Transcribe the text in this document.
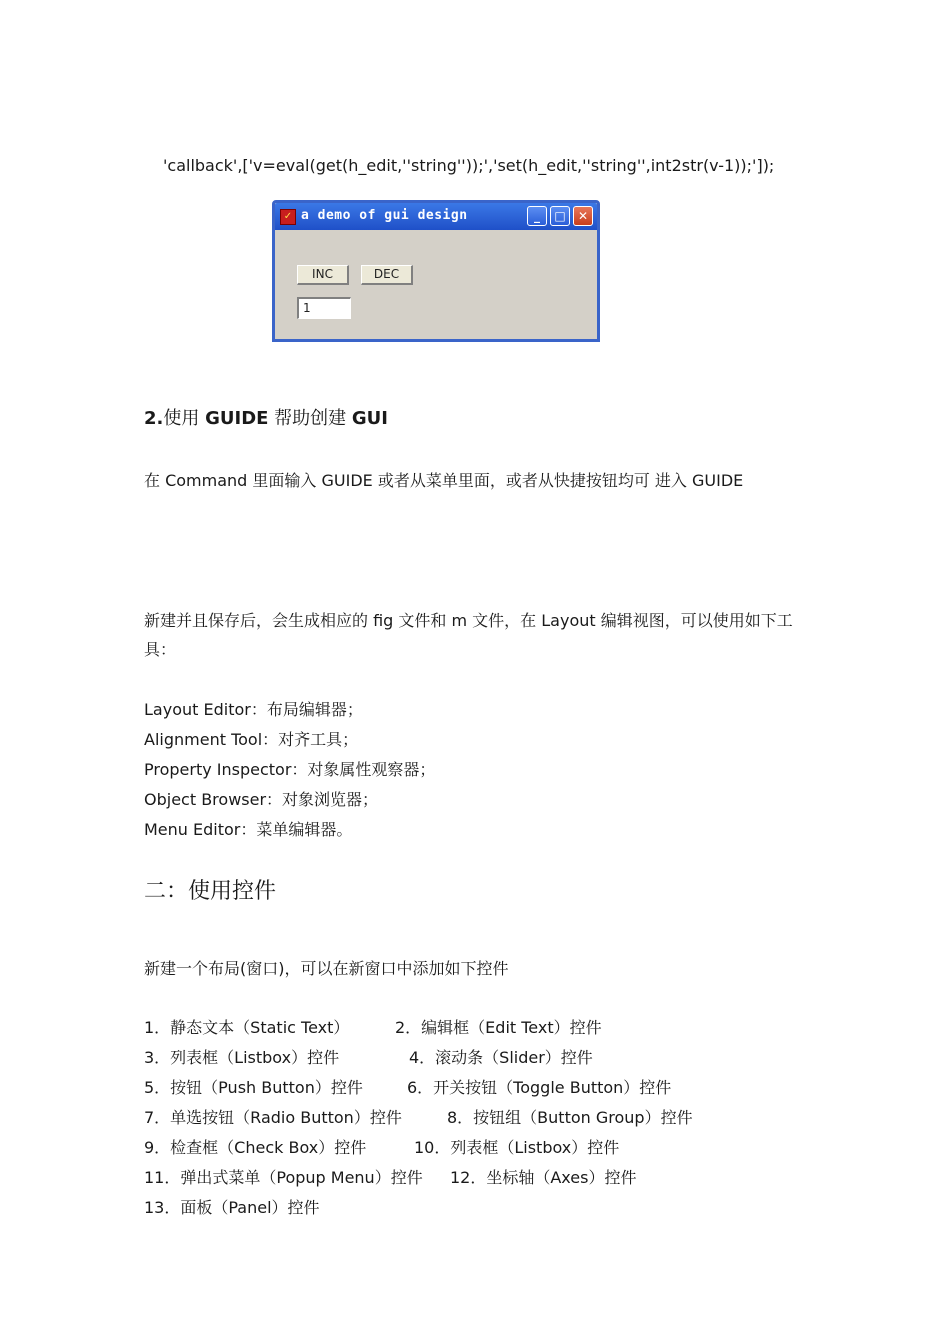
'callback',['v=eval(get(h_edit,''string''));','set(h_edit,''string'',int2str(v-1));']);
✓ a demo of gui design	_	□	✕
INC	DEC
1
2.使用 GUIDE 帮助创建 GUI
在 Command 里面输入 GUIDE 或者从菜单里面，或者从快捷按钮均可 进入 GUIDE
新建并且保存后，会生成相应的 fig 文件和 m 文件，在 Layout 编辑视图，可以使用如下工具：
Layout Editor：布局编辑器；
Alignment Tool：对齐工具；
Property Inspector：对象属性观察器；
Object Browser：对象浏览器；
Menu Editor：菜单编辑器。
二：使用控件
新建一个布局(窗口)，可以在新窗口中添加如下控件
1．静态文本（Static Text）	2．编辑框（Edit Text）控件
3．列表框（Listbox）控件	4．滚动条（Slider）控件
5．按钮（Push Button）控件	6．开关按钮（Toggle Button）控件
7．单选按钮（Radio Button）控件	8．按钮组（Button Group）控件
9．检查框（Check Box）控件	10．列表框（Listbox）控件
11．弹出式菜单（Popup Menu）控件 12．坐标轴（Axes）控件
13．面板（Panel）控件
